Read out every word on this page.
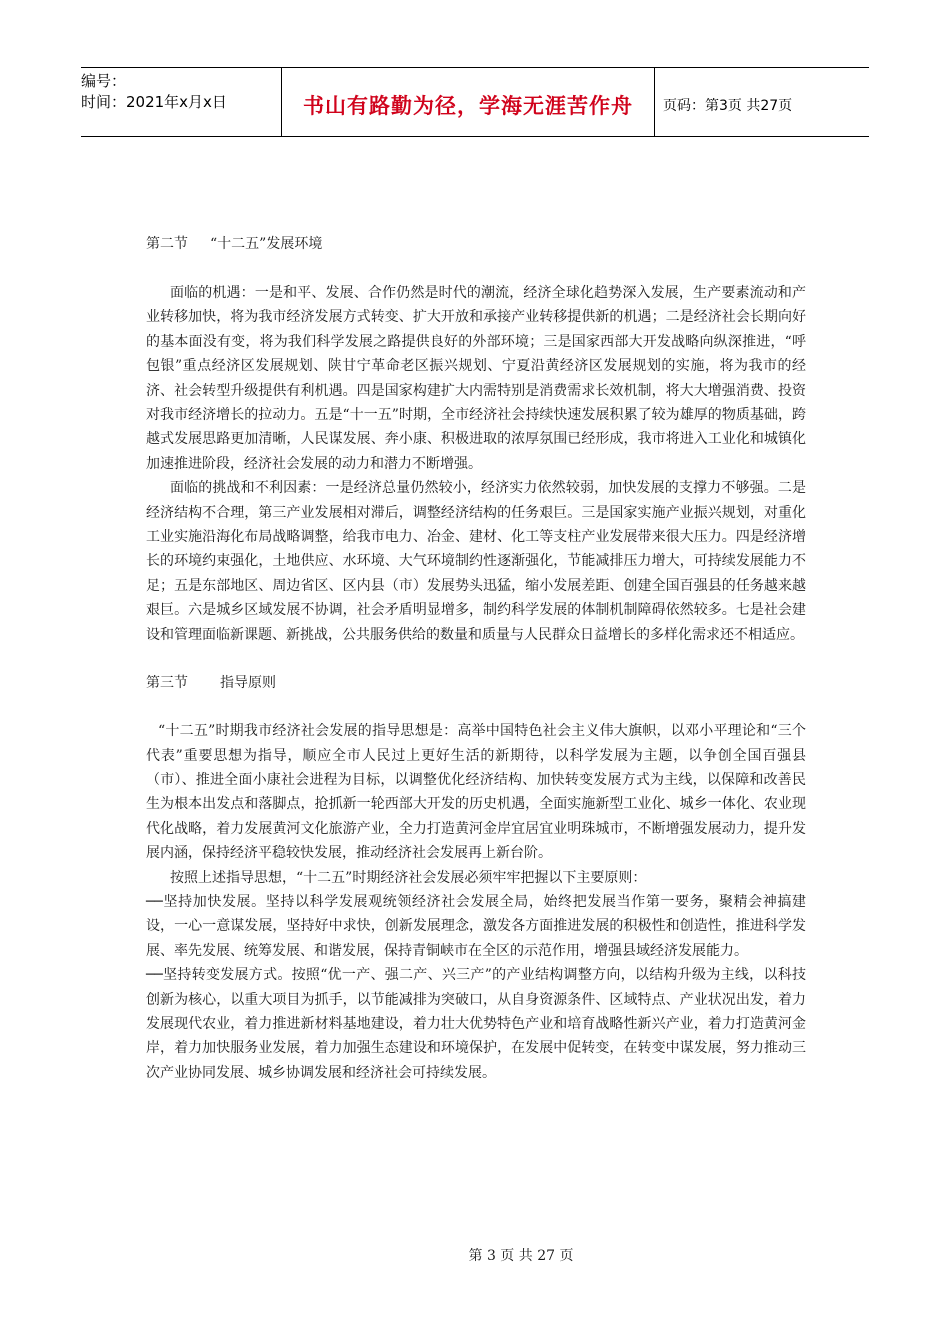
编号：
时间：2021年x月x日	书山有路勤为径，学海无涯苦作舟	页码：第3页 共27页
第二节 “十二五”发展环境

面临的机遇：一是和平、发展、合作仍然是时代的潮流，经济全球化趋势深入发展，生产要素流动和产业转移加快，将为我市经济发展方式转变、扩大开放和承接产业转移提供新的机遇；二是经济社会长期向好的基本面没有变，将为我们科学发展之路提供良好的外部环境；三是国家西部大开发战略向纵深推进，“呼包银”重点经济区发展规划、陕甘宁革命老区振兴规划、宁夏沿黄经济区发展规划的实施，将为我市的经济、社会转型升级提供有利机遇。四是国家构建扩大内需特别是消费需求长效机制，将大大增强消费、投资对我市经济增长的拉动力。五是“十一五”时期，全市经济社会持续快速发展积累了较为雄厚的物质基础，跨越式发展思路更加清晰，人民谋发展、奔小康、积极进取的浓厚氛围已经形成，我市将进入工业化和城镇化加速推进阶段，经济社会发展的动力和潜力不断增强。

面临的挑战和不利因素：一是经济总量仍然较小，经济实力依然较弱，加快发展的支撑力不够强。二是经济结构不合理，第三产业发展相对滞后，调整经济结构的任务艰巨。三是国家实施产业振兴规划，对重化工业实施沿海化布局战略调整，给我市电力、冶金、建材、化工等支柱产业发展带来很大压力。四是经济增长的环境约束强化，土地供应、水环境、大气环境制约性逐渐强化，节能减排压力增大，可持续发展能力不足；五是东部地区、周边省区、区内县（市）发展势头迅猛，缩小发展差距、创建全国百强县的任务越来越艰巨。六是城乡区域发展不协调，社会矛盾明显增多，制约科学发展的体制机制障碍依然较多。七是社会建设和管理面临新课题、新挑战，公共服务供给的数量和质量与人民群众日益增长的多样化需求还不相适应。

第三节 指导原则

“十二五”时期我市经济社会发展的指导思想是：高举中国特色社会主义伟大旗帜，以邓小平理论和“三个代表”重要思想为指导，顺应全市人民过上更好生活的新期待，以科学发展为主题，以争创全国百强县（市）、推进全面小康社会进程为目标，以调整优化经济结构、加快转变发展方式为主线，以保障和改善民生为根本出发点和落脚点，抢抓新一轮西部大开发的历史机遇，全面实施新型工业化、城乡一体化、农业现代化战略，着力发展黄河文化旅游产业，全力打造黄河金岸宜居宜业明珠城市，不断增强发展动力，提升发展内涵，保持经济平稳较快发展，推动经济社会发展再上新台阶。

按照上述指导思想，“十二五”时期经济社会发展必须牢牢把握以下主要原则：

──坚持加快发展。坚持以科学发展观统领经济社会发展全局，始终把发展当作第一要务，聚精会神搞建设，一心一意谋发展，坚持好中求快，创新发展理念，激发各方面推进发展的积极性和创造性，推进科学发展、率先发展、统筹发展、和谐发展，保持青铜峡市在全区的示范作用，增强县域经济发展能力。

──坚持转变发展方式。按照“优一产、强二产、兴三产”的产业结构调整方向，以结构升级为主线，以科技创新为核心，以重大项目为抓手，以节能减排为突破口，从自身资源条件、区域特点、产业状况出发，着力发展现代农业，着力推进新材料基地建设，着力壮大优势特色产业和培育战略性新兴产业，着力打造黄河金岸，着力加快服务业发展，着力加强生态建设和环境保护，在发展中促转变，在转变中谋发展，努力推动三次产业协同发展、城乡协调发展和经济社会可持续发展。

第 3 页 共 27 页
